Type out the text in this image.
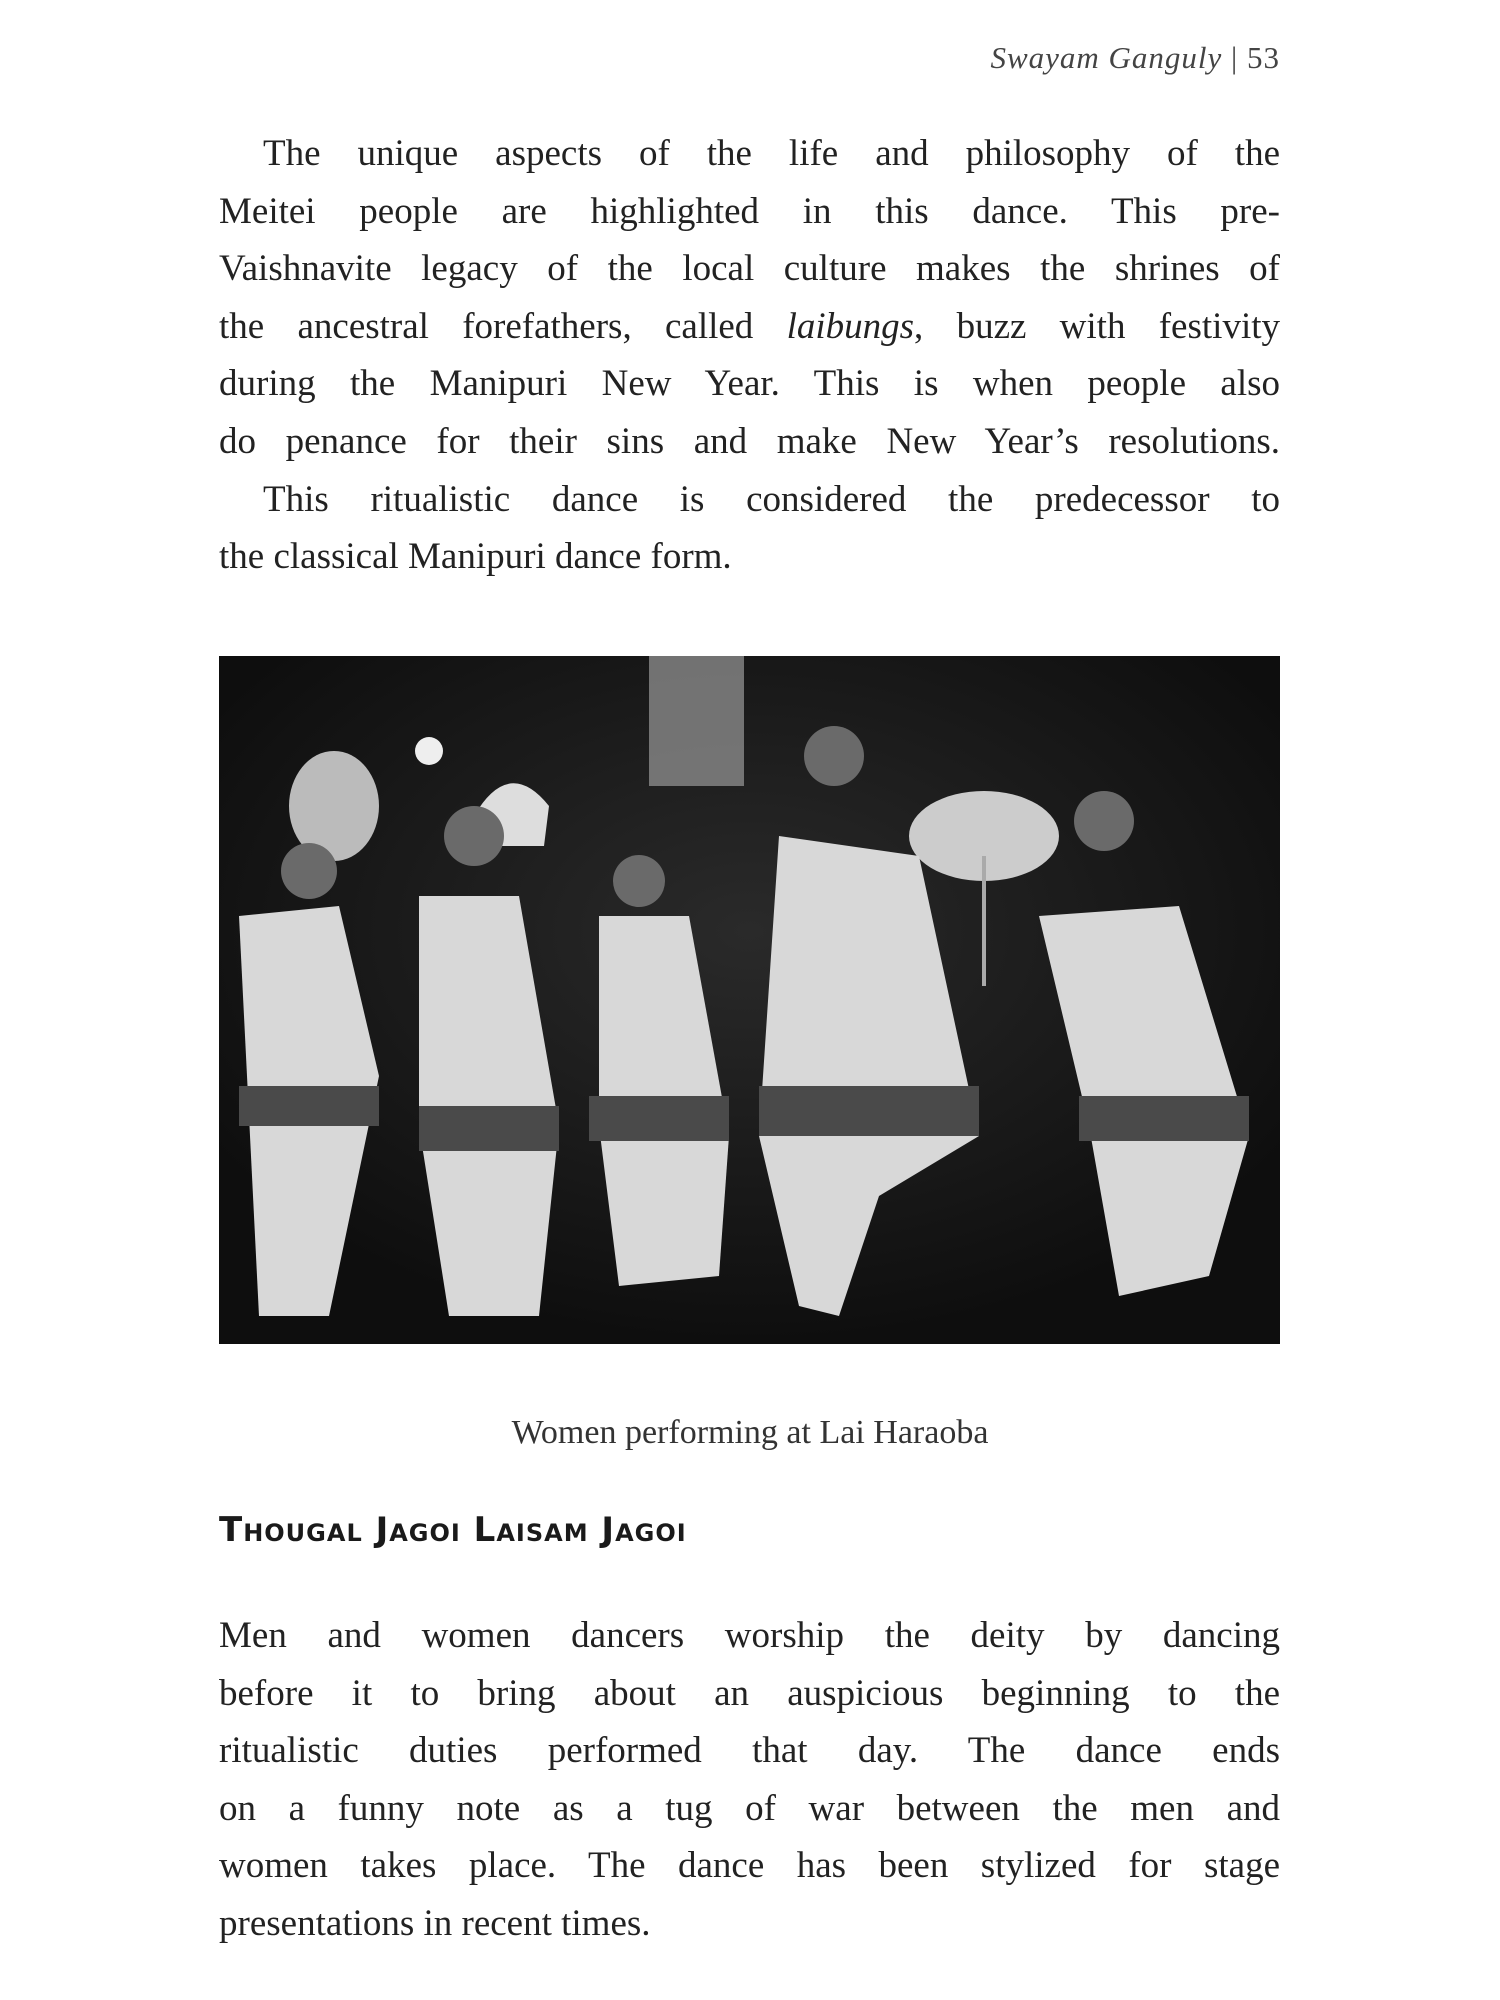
Swayam Ganguly | 53
The unique aspects of the life and philosophy of the
Meitei people are highlighted in this dance. This pre-
Vaishnavite legacy of the local culture makes the shrines of
the ancestral forefathers, called laibungs, buzz with festivity
during the Manipuri New Year. This is when people also
do penance for their sins and make New Year’s resolutions.
This ritualistic dance is considered the predecessor to
the classical Manipuri dance form.
Women performing at Lai Haraoba
Thougal Jagoi Laisam Jagoi
Men and women dancers worship the deity by dancing
before it to bring about an auspicious beginning to the
ritualistic duties performed that day. The dance ends
on a funny note as a tug of war between the men and
women takes place. The dance has been stylized for stage
presentations in recent times.
